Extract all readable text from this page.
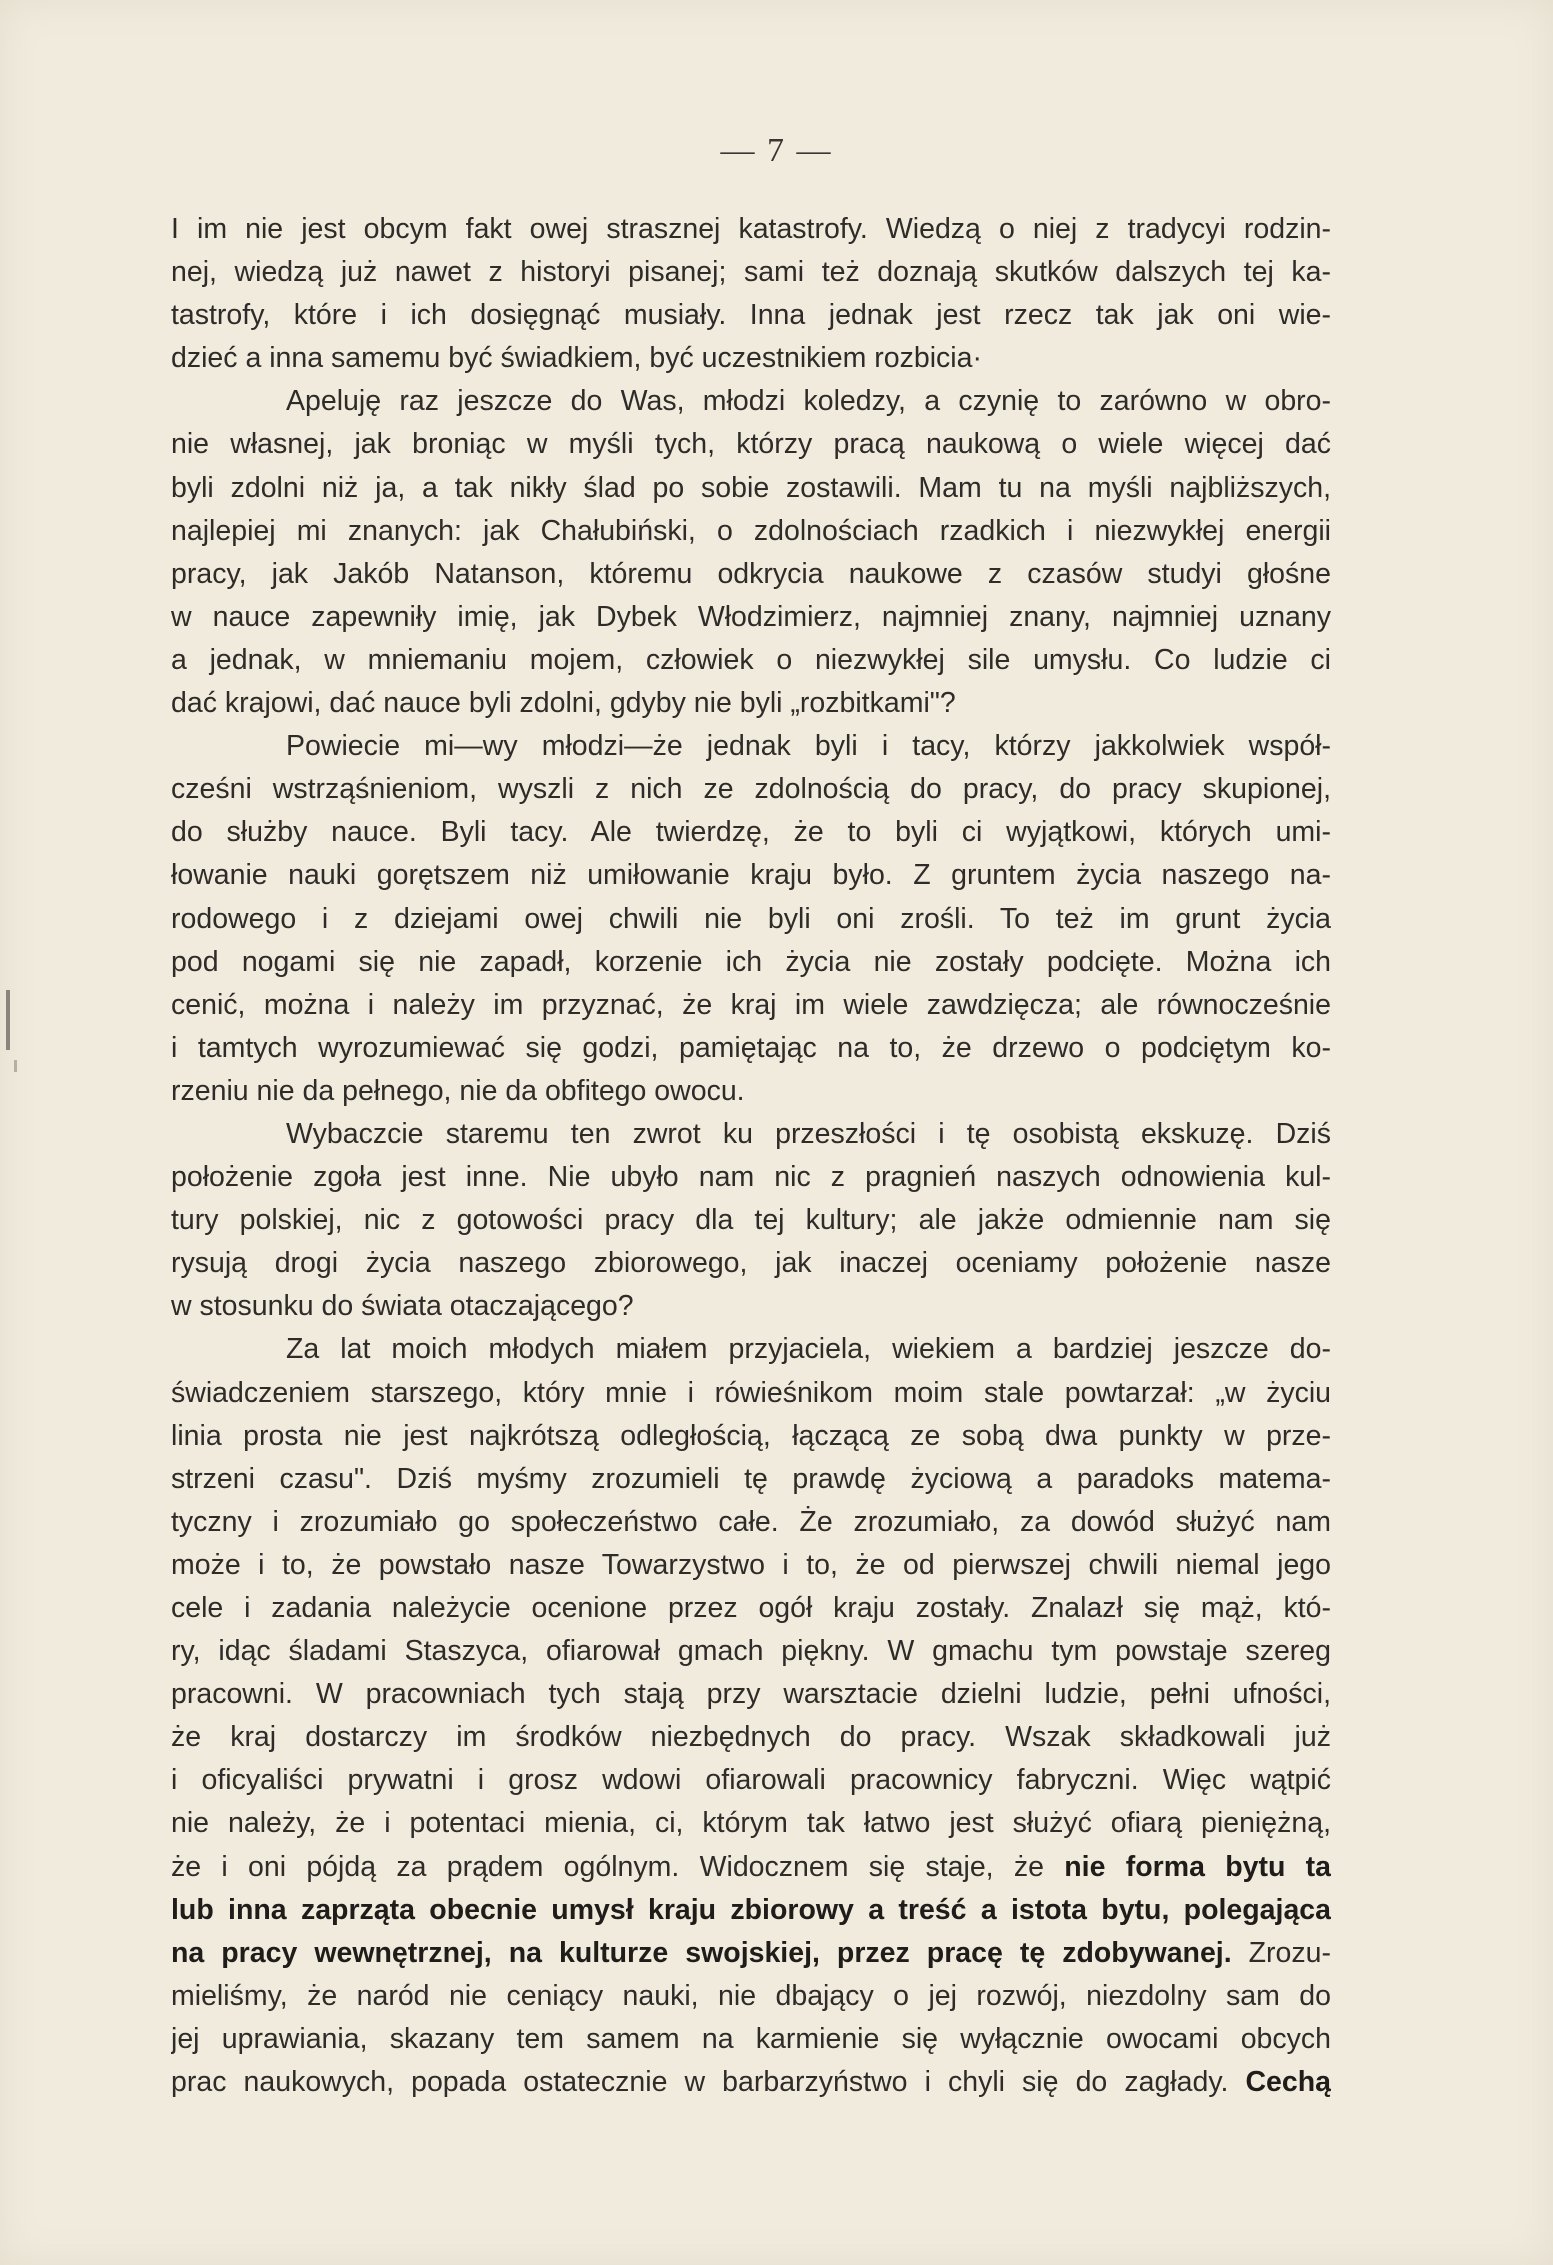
— 7 —
I im nie jest obcym fakt owej strasznej katastrofy. Wiedzą o niej z tradycyi rodzin-
nej, wiedzą już nawet z historyi pisanej; sami też doznają skutków dalszych tej ka-
tastrofy, które i ich dosięgnąć musiały. Inna jednak jest rzecz tak jak oni wie-
dzieć a inna samemu być świadkiem, być uczestnikiem rozbicia·
Apeluję raz jeszcze do Was, młodzi koledzy, a czynię to zarówno w obro-
nie własnej, jak broniąc w myśli tych, którzy pracą naukową o wiele więcej dać
byli zdolni niż ja, a tak nikły ślad po sobie zostawili. Mam tu na myśli najbliższych,
najlepiej mi znanych: jak Chałubiński, o zdolnościach rzadkich i niezwykłej energii
pracy, jak Jakób Natanson, któremu odkrycia naukowe z czasów studyi głośne
w nauce zapewniły imię, jak Dybek Włodzimierz, najmniej znany, najmniej uznany
a jednak, w mniemaniu mojem, człowiek o niezwykłej sile umysłu. Co ludzie ci
dać krajowi, dać nauce byli zdolni, gdyby nie byli „rozbitkami"?
Powiecie mi—wy młodzi—że jednak byli i tacy, którzy jakkolwiek współ-
cześni wstrząśnieniom, wyszli z nich ze zdolnością do pracy, do pracy skupionej,
do służby nauce. Byli tacy. Ale twierdzę, że to byli ci wyjątkowi, których umi-
łowanie nauki gorętszem niż umiłowanie kraju było. Z gruntem życia naszego na-
rodowego i z dziejami owej chwili nie byli oni zrośli. To też im grunt życia
pod nogami się nie zapadł, korzenie ich życia nie zostały podcięte. Można ich
cenić, można i należy im przyznać, że kraj im wiele zawdzięcza; ale równocześnie
i tamtych wyrozumiewać się godzi, pamiętając na to, że drzewo o podciętym ko-
rzeniu nie da pełnego, nie da obfitego owocu.
Wybaczcie staremu ten zwrot ku przeszłości i tę osobistą ekskuzę. Dziś
położenie zgoła jest inne. Nie ubyło nam nic z pragnień naszych odnowienia kul-
tury polskiej, nic z gotowości pracy dla tej kultury; ale jakże odmiennie nam się
rysują drogi życia naszego zbiorowego, jak inaczej oceniamy położenie nasze
w stosunku do świata otaczającego?
Za lat moich młodych miałem przyjaciela, wiekiem a bardziej jeszcze do-
świadczeniem starszego, który mnie i rówieśnikom moim stale powtarzał: „w życiu
linia prosta nie jest najkrótszą odległością, łączącą ze sobą dwa punkty w prze-
strzeni czasu". Dziś myśmy zrozumieli tę prawdę życiową a paradoks matema-
tyczny i zrozumiało go społeczeństwo całe. Że zrozumiało, za dowód służyć nam
może i to, że powstało nasze Towarzystwo i to, że od pierwszej chwili niemal jego
cele i zadania należycie ocenione przez ogół kraju zostały. Znalazł się mąż, któ-
ry, idąc śladami Staszyca, ofiarował gmach piękny. W gmachu tym powstaje szereg
pracowni. W pracowniach tych stają przy warsztacie dzielni ludzie, pełni ufności,
że kraj dostarczy im środków niezbędnych do pracy. Wszak składkowali już
i oficyaliści prywatni i grosz wdowi ofiarowali pracownicy fabryczni. Więc wątpić
nie należy, że i potentaci mienia, ci, którym tak łatwo jest służyć ofiarą pieniężną,
że i oni pójdą za prądem ogólnym. Widocznem się staje, że nie forma bytu ta
lub inna zaprząta obecnie umysł kraju zbiorowy a treść a istota bytu, polegająca
na pracy wewnętrznej, na kulturze swojskiej, przez pracę tę zdobywanej. Zrozu-
mieliśmy, że naród nie ceniący nauki, nie dbający o jej rozwój, niezdolny sam do
jej uprawiania, skazany tem samem na karmienie się wyłącznie owocami obcych
prac naukowych, popada ostatecznie w barbarzyństwo i chyli się do zagłady. Cechą
